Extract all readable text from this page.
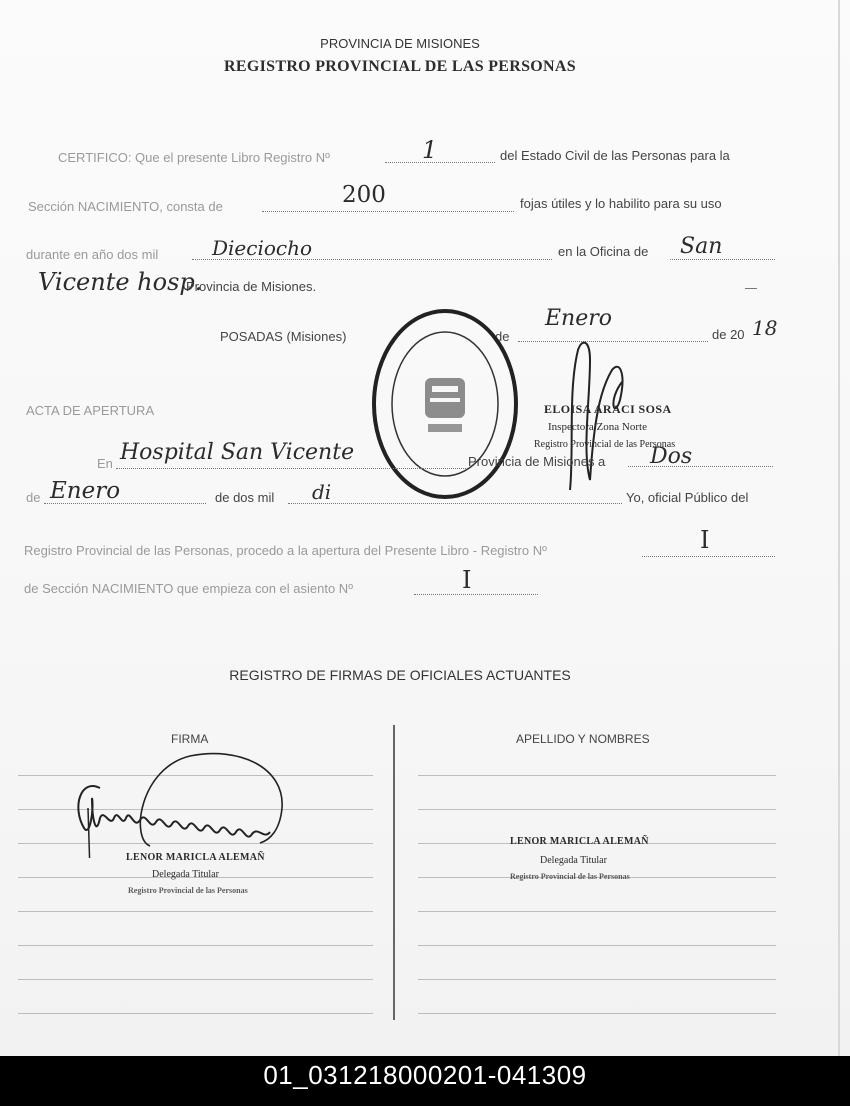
PROVINCIA DE MISIONES
REGISTRO PROVINCIAL DE LAS PERSONAS
CERTIFICO: Que el presente Libro Registro Nº	1	del Estado Civil de las Personas para la
Sección NACIMIENTO, consta de	200	fojas útiles y lo habilito para su uso
durante en año dos mil	Dieciocho	en la Oficina de San
Vicente hosp.
Provincia de Misiones.
POSADAS (Misiones)	de
Enero
de 20 18
ELOISA ARACI SOSA
Inspectora Zona Norte
Registro Provincial de las Personas
ACTA DE APERTURA
En Hospital San Vicente	Provincia de Misiones a Dos
de Enero	de dos mil di	Yo, oficial Público del
Registro Provincial de las Personas, procedo a la apertura del Presente Libro - Registro Nº	I
de Sección NACIMIENTO que empieza con el asiento Nº	I
REGISTRO DE FIRMAS DE OFICIALES ACTUANTES
FIRMA	APELLIDO Y NOMBRES
LENOR MARICLA ALEMAÑ
Delegada Titular
Registro Provincial de las Personas
LENOR MARICLA ALEMAÑ
Delegada Titular
Registro Provincial de las Personas
01_031218000201-041309
